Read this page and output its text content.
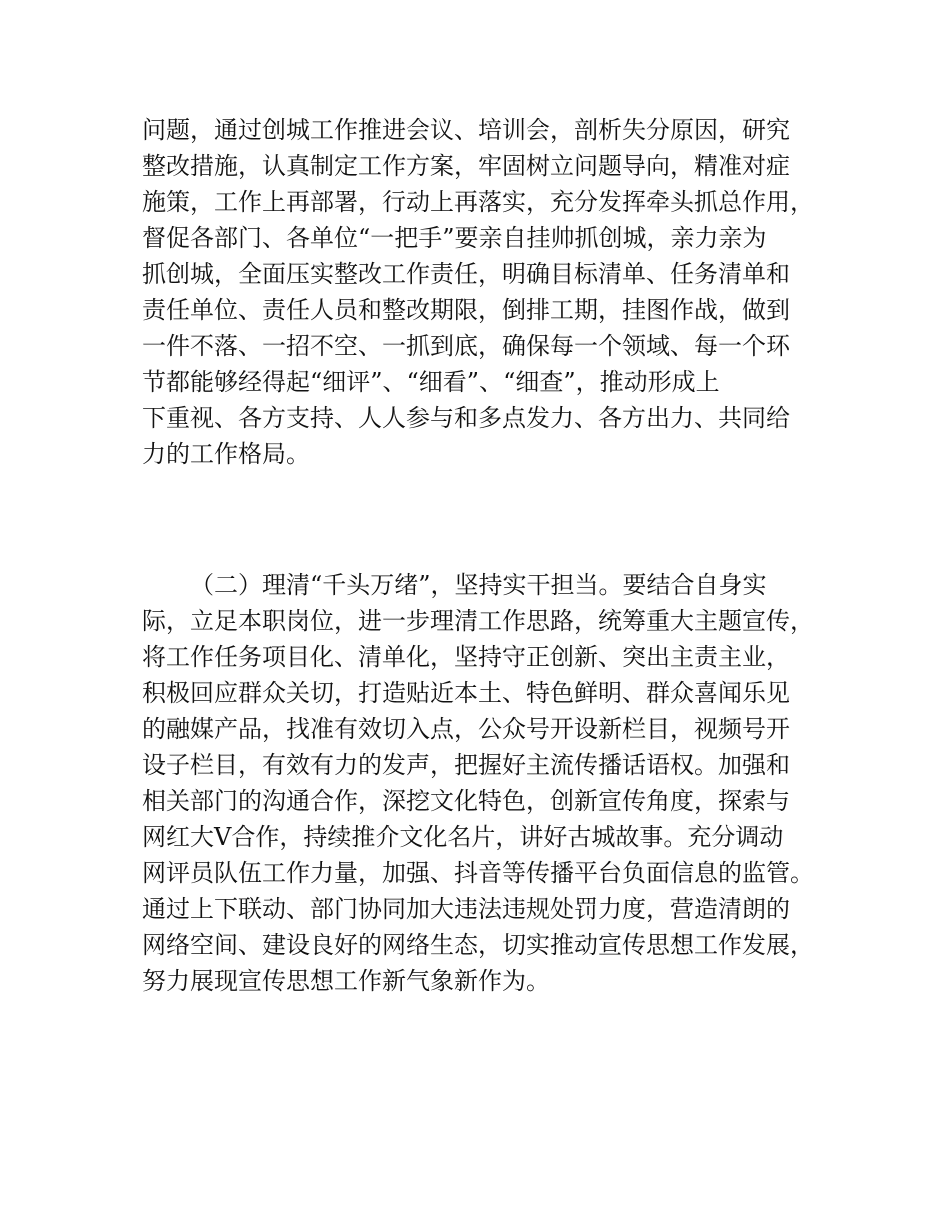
问题，通过创城工作推进会议、培训会，剖析失分原因，研究
整改措施，认真制定工作方案，牢固树立问题导向，精准对症
施策，工作上再部署，行动上再落实，充分发挥牵头抓总作用，
督促各部门、各单位“一把手”要亲自挂帅抓创城，亲力亲为
抓创城，全面压实整改工作责任，明确目标清单、任务清单和
责任单位、责任人员和整改期限，倒排工期，挂图作战，做到
一件不落、一招不空、一抓到底，确保每一个领域、每一个环
节都能够经得起“细评”、“细看”、“细查”，推动形成上
下重视、各方支持、人人参与和多点发力、各方出力、共同给
力的工作格局。
（二）理清“千头万绪”，坚持实干担当。要结合自身实
际，立足本职岗位，进一步理清工作思路，统筹重大主题宣传，
将工作任务项目化、清单化，坚持守正创新、突出主责主业，
积极回应群众关切，打造贴近本土、特色鲜明、群众喜闻乐见
的融媒产品，找准有效切入点，公众号开设新栏目，视频号开
设子栏目，有效有力的发声，把握好主流传播话语权。加强和
相关部门的沟通合作，深挖文化特色，创新宣传角度，探索与
网红大V合作，持续推介文化名片，讲好古城故事。充分调动
网评员队伍工作力量，加强、抖音等传播平台负面信息的监管。
通过上下联动、部门协同加大违法违规处罚力度，营造清朗的
网络空间、建设良好的网络生态，切实推动宣传思想工作发展，
努力展现宣传思想工作新气象新作为。
